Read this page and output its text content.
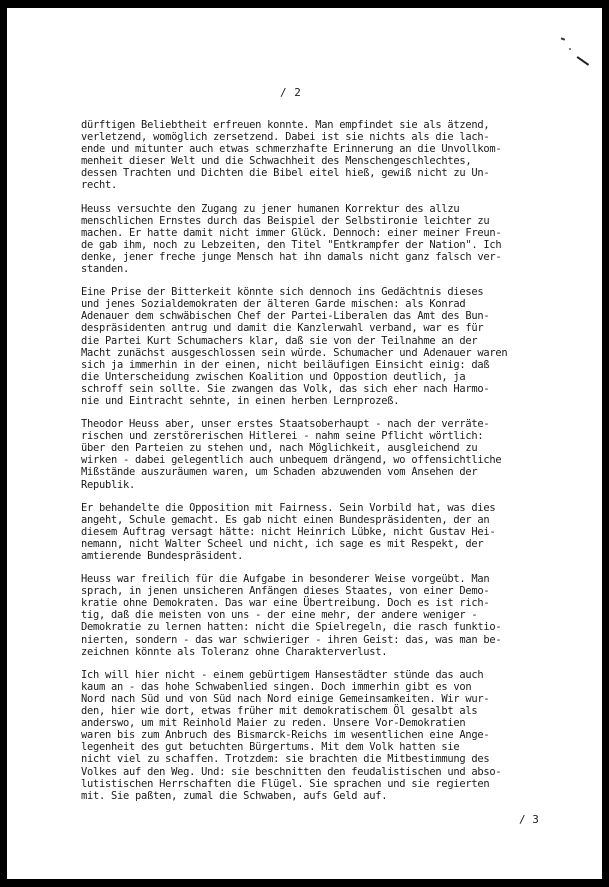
/ 2
dürftigen Beliebtheit erfreuen konnte. Man empfindet sie als ätzend,
verletzend, womöglich zersetzend. Dabei ist sie nichts als die lach-
ende und mitunter auch etwas schmerzhafte Erinnerung an die Unvollkom-
menheit dieser Welt und die Schwachheit des Menschengeschlechtes,
dessen Trachten und Dichten die Bibel eitel hieß, gewiß nicht zu Un-
recht.
Heuss versuchte den Zugang zu jener humanen Korrektur des allzu
menschlichen Ernstes durch das Beispiel der Selbstironie leichter zu
machen. Er hatte damit nicht immer Glück. Dennoch: einer meiner Freun-
de gab ihm, noch zu Lebzeiten, den Titel "Entkrampfer der Nation". Ich
denke, jener freche junge Mensch hat ihn damals nicht ganz falsch ver-
standen.
Eine Prise der Bitterkeit könnte sich dennoch ins Gedächtnis dieses
und jenes Sozialdemokraten der älteren Garde mischen: als Konrad
Adenauer dem schwäbischen Chef der Partei-Liberalen das Amt des Bun-
despräsidenten antrug und damit die Kanzlerwahl verband, war es für
die Partei Kurt Schumachers klar, daß sie von der Teilnahme an der
Macht zunächst ausgeschlossen sein würde. Schumacher und Adenauer waren
sich ja immerhin in der einen, nicht beiläufigen Einsicht einig: daß
die Unterscheidung zwischen Koalition und Oppostion deutlich, ja
schroff sein sollte. Sie zwangen das Volk, das sich eher nach Harmo-
nie und Eintracht sehnte, in einen herben Lernprozeß.
Theodor Heuss aber, unser erstes Staatsoberhaupt - nach der verräte-
rischen und zerstörerischen Hitlerei - nahm seine Pflicht wörtlich:
über den Parteien zu stehen und, nach Möglichkeit, ausgleichend zu
wirken - dabei gelegentlich auch unbequem drängend, wo offensichtliche
Mißstände auszuräumen waren, um Schaden abzuwenden vom Ansehen der
Republik.
Er behandelte die Opposition mit Fairness. Sein Vorbild hat, was dies
angeht, Schule gemacht. Es gab nicht einen Bundespräsidenten, der an
diesem Auftrag versagt hätte: nicht Heinrich Lübke, nicht Gustav Hei-
nemann, nicht Walter Scheel und nicht, ich sage es mit Respekt, der
amtierende Bundespräsident.
Heuss war freilich für die Aufgabe in besonderer Weise vorgeübt. Man
sprach, in jenen unsicheren Anfängen dieses Staates, von einer Demo-
kratie ohne Demokraten. Das war eine Übertreibung. Doch es ist rich-
tig, daß die meisten von uns - der eine mehr, der andere weniger -
Demokratie zu lernen hatten: nicht die Spielregeln, die rasch funktio-
nierten, sondern - das war schwieriger - ihren Geist: das, was man be-
zeichnen könnte als Toleranz ohne Charakterverlust.
Ich will hier nicht - einem gebürtigem Hansestädter stünde das auch
kaum an - das hohe Schwabenlied singen. Doch immerhin gibt es von
Nord nach Süd und von Süd nach Nord einige Gemeinsamkeiten. Wir wur-
den, hier wie dort, etwas früher mit demokratischem Öl gesalbt als
anderswo, um mit Reinhold Maier zu reden. Unsere Vor-Demokratien
waren bis zum Anbruch des Bismarck-Reichs im wesentlichen eine Ange-
legenheit des gut betuchten Bürgertums. Mit dem Volk hatten sie
nicht viel zu schaffen. Trotzdem: sie brachten die Mitbestimmung des
Volkes auf den Weg. Und: sie beschnitten den feudalistischen und abso-
lutistischen Herrschaften die Flügel. Sie sprachen und sie regierten
mit. Sie paßten, zumal die Schwaben, aufs Geld auf.
/ 3
